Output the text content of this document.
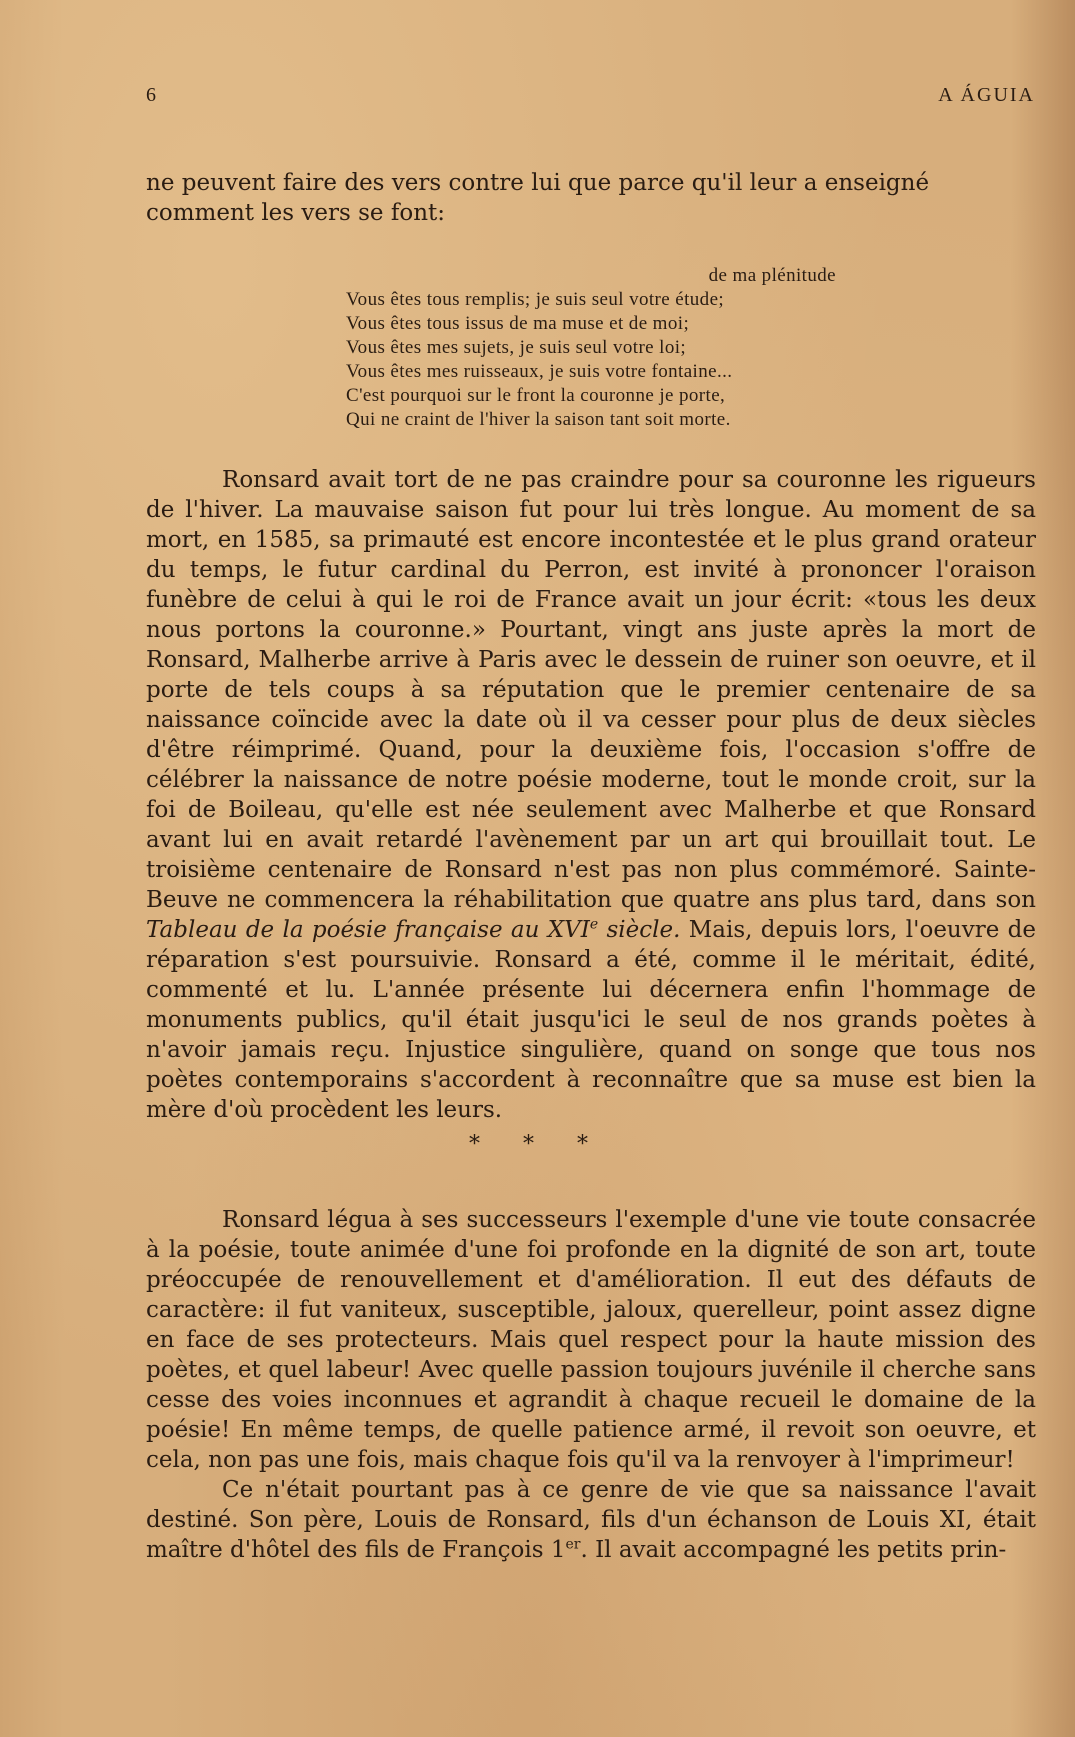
6	A ÁGUIA

ne peuvent faire des vers contre lui que parce qu'il leur a enseigné comment les vers se font:

de ma plénitude
Vous êtes tous remplis; je suis seul votre étude;
Vous êtes tous issus de ma muse et de moi;
Vous êtes mes sujets, je suis seul votre loi;
Vous êtes mes ruisseaux, je suis votre fontaine...
C'est pourquoi sur le front la couronne je porte,
Qui ne craint de l'hiver la saison tant soit morte.

Ronsard avait tort de ne pas craindre pour sa couronne les rigueurs de l'hiver. La mauvaise saison fut pour lui très longue. Au moment de sa mort, en 1585, sa primauté est encore incontestée et le plus grand orateur du temps, le futur cardinal du Perron, est invité à prononcer l'oraison funèbre de celui à qui le roi de France avait un jour écrit: «tous les deux nous portons la couronne.» Pourtant, vingt ans juste après la mort de Ronsard, Malherbe arrive à Paris avec le dessein de ruiner son oeuvre, et il porte de tels coups à sa réputation que le premier centenaire de sa naissance coïncide avec la date où il va cesser pour plus de deux siècles d'être réimprimé. Quand, pour la deuxième fois, l'occasion s'offre de célébrer la naissance de notre poésie moderne, tout le monde croit, sur la foi de Boileau, qu'elle est née seulement avec Malherbe et que Ronsard avant lui en avait retardé l'avènement par un art qui brouillait tout. Le troisième centenaire de Ronsard n'est pas non plus commémoré. Sainte-Beuve ne commencera la réhabilitation que quatre ans plus tard, dans son Tableau de la poésie française au XVIe siècle. Mais, depuis lors, l'oeuvre de réparation s'est poursuivie. Ronsard a été, comme il le méritait, édité, commenté et lu. L'année présente lui décernera enfin l'hommage de monuments publics, qu'il était jusqu'ici le seul de nos grands poètes à n'avoir jamais reçu. Injustice singulière, quand on songe que tous nos poètes contemporains s'accordent à reconnaître que sa muse est bien la mère d'où procèdent les leurs.

* * *

Ronsard légua à ses successeurs l'exemple d'une vie toute consacrée à la poésie, toute animée d'une foi profonde en la dignité de son art, toute préoccupée de renouvellement et d'amélioration. Il eut des défauts de caractère: il fut vaniteux, susceptible, jaloux, querelleur, point assez digne en face de ses protecteurs. Mais quel respect pour la haute mission des poètes, et quel labeur! Avec quelle passion toujours juvénile il cherche sans cesse des voies inconnues et agrandit à chaque recueil le domaine de la poésie! En même temps, de quelle patience armé, il revoit son oeuvre, et cela, non pas une fois, mais chaque fois qu'il va la renvoyer à l'imprimeur!

Ce n'était pourtant pas à ce genre de vie que sa naissance l'avait destiné. Son père, Louis de Ronsard, fils d'un échanson de Louis XI, était maître d'hôtel des fils de François 1er. Il avait accompagné les petits prin-
